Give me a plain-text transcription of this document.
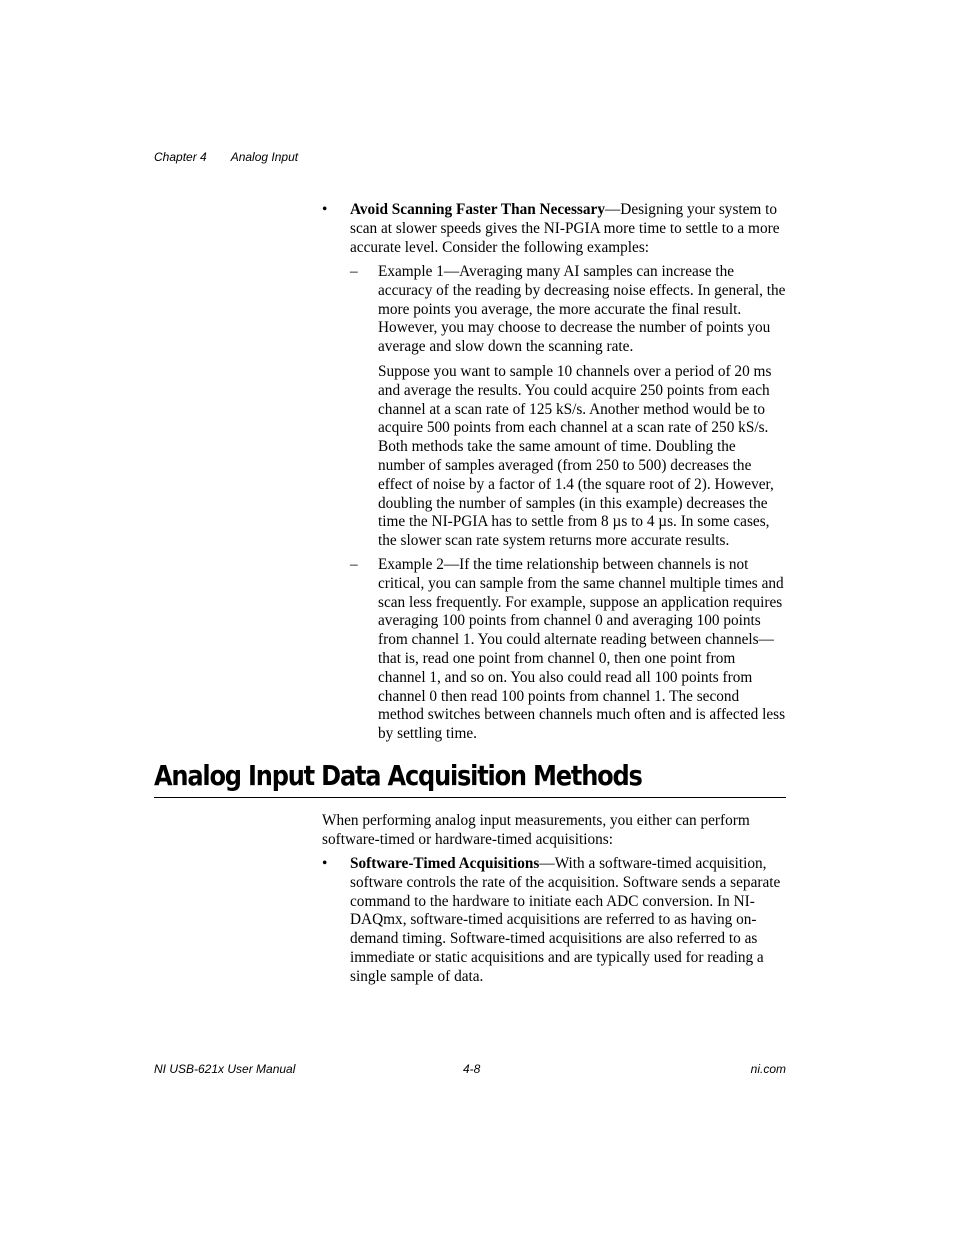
Chapter 4 Analog Input
•	Avoid Scanning Faster Than Necessary—Designing your system to scan at slower speeds gives the NI-PGIA more time to settle to a more accurate level. Consider the following examples:

–	Example 1—Averaging many AI samples can increase the accuracy of the reading by decreasing noise effects. In general, the more points you average, the more accurate the final result. However, you may choose to decrease the number of points you average and slow down the scanning rate.

Suppose you want to sample 10 channels over a period of 20 ms and average the results. You could acquire 250 points from each channel at a scan rate of 125 kS/s. Another method would be to acquire 500 points from each channel at a scan rate of 250 kS/s. Both methods take the same amount of time. Doubling the number of samples averaged (from 250 to 500) decreases the effect of noise by a factor of 1.4 (the square root of 2). However, doubling the number of samples (in this example) decreases the time the NI-PGIA has to settle from 8 µs to 4 µs. In some cases, the slower scan rate system returns more accurate results.

–	Example 2—If the time relationship between channels is not critical, you can sample from the same channel multiple times and scan less frequently. For example, suppose an application requires averaging 100 points from channel 0 and averaging 100 points from channel 1. You could alternate reading between channels—that is, read one point from channel 0, then one point from channel 1, and so on. You also could read all 100 points from channel 0 then read 100 points from channel 1. The second method switches between channels much often and is affected less by settling time.

Analog Input Data Acquisition Methods

When performing analog input measurements, you either can perform software-timed or hardware-timed acquisitions:

•	Software-Timed Acquisitions—With a software-timed acquisition, software controls the rate of the acquisition. Software sends a separate command to the hardware to initiate each ADC conversion. In NI-DAQmx, software-timed acquisitions are referred to as having on-demand timing. Software-timed acquisitions are also referred to as immediate or static acquisitions and are typically used for reading a single sample of data.

NI USB-621x User Manual	4-8	ni.com
